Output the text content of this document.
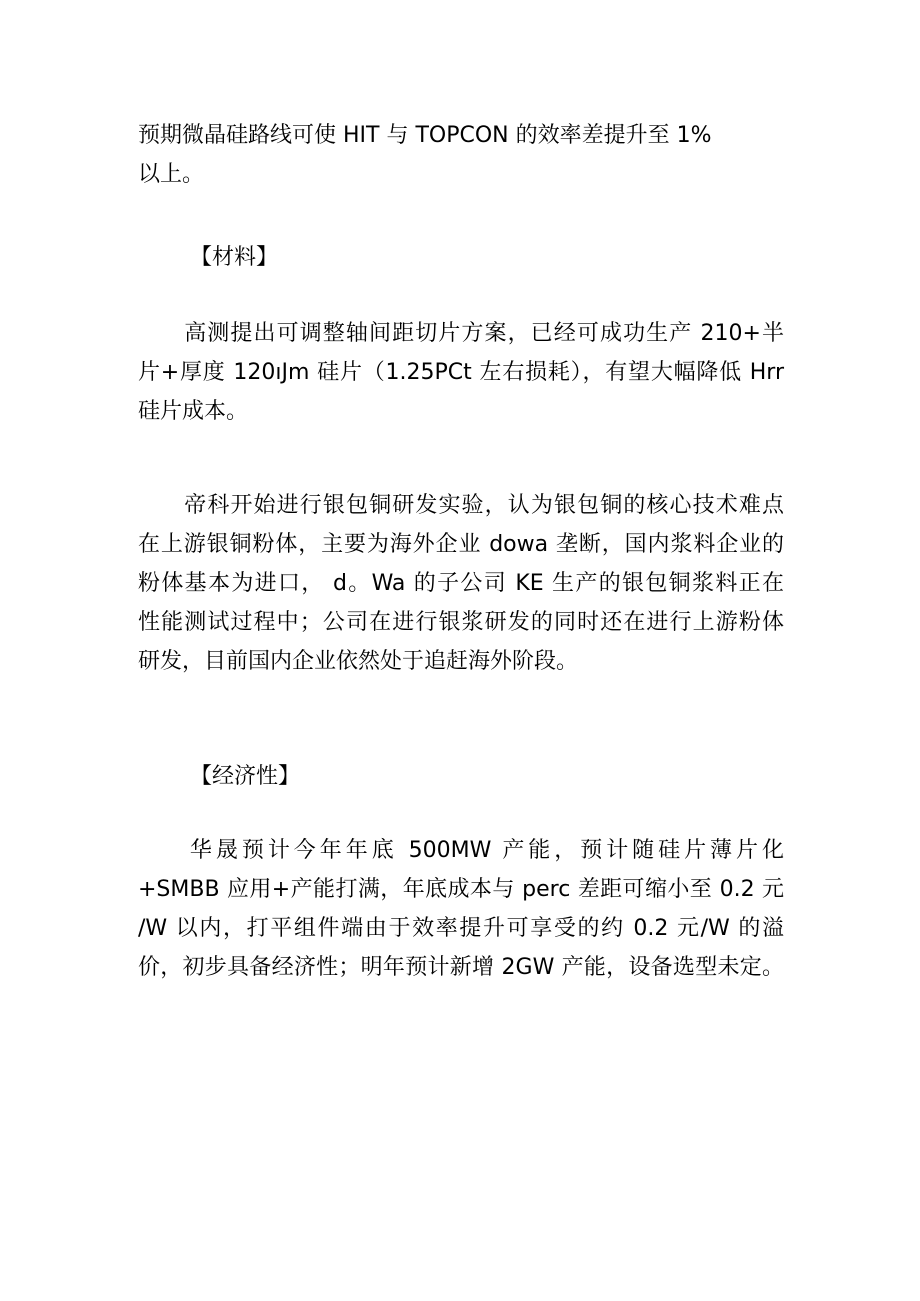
预期微晶硅路线可使 HIT 与 TOPCON 的效率差提升至 1%
以上。
【材料】
　　高测提出可调整轴间距切片方案，已经可成功生产 210+半
片+厚度 120ıJm 硅片（1.25PCt 左右损耗），有望大幅降低 Hrr
硅片成本。
　　帝科开始进行银包铜研发实验，认为银包铜的核心技术难点
在上游银铜粉体，主要为海外企业 dowa 垄断，国内浆料企业的
粉体基本为进口， d。Wa 的子公司 KE 生产的银包铜浆料正在
性能测试过程中；公司在进行银浆研发的同时还在进行上游粉体
研发，目前国内企业依然处于追赶海外阶段。
【经济性】
　　华晟预计今年年底 500MW 产能，预计随硅片薄片化
+SMBB 应用+产能打满，年底成本与 perc 差距可缩小至 0.2 元
/W 以内，打平组件端由于效率提升可享受的约 0.2 元/W 的溢
价，初步具备经济性；明年预计新增 2GW 产能，设备选型未定。
